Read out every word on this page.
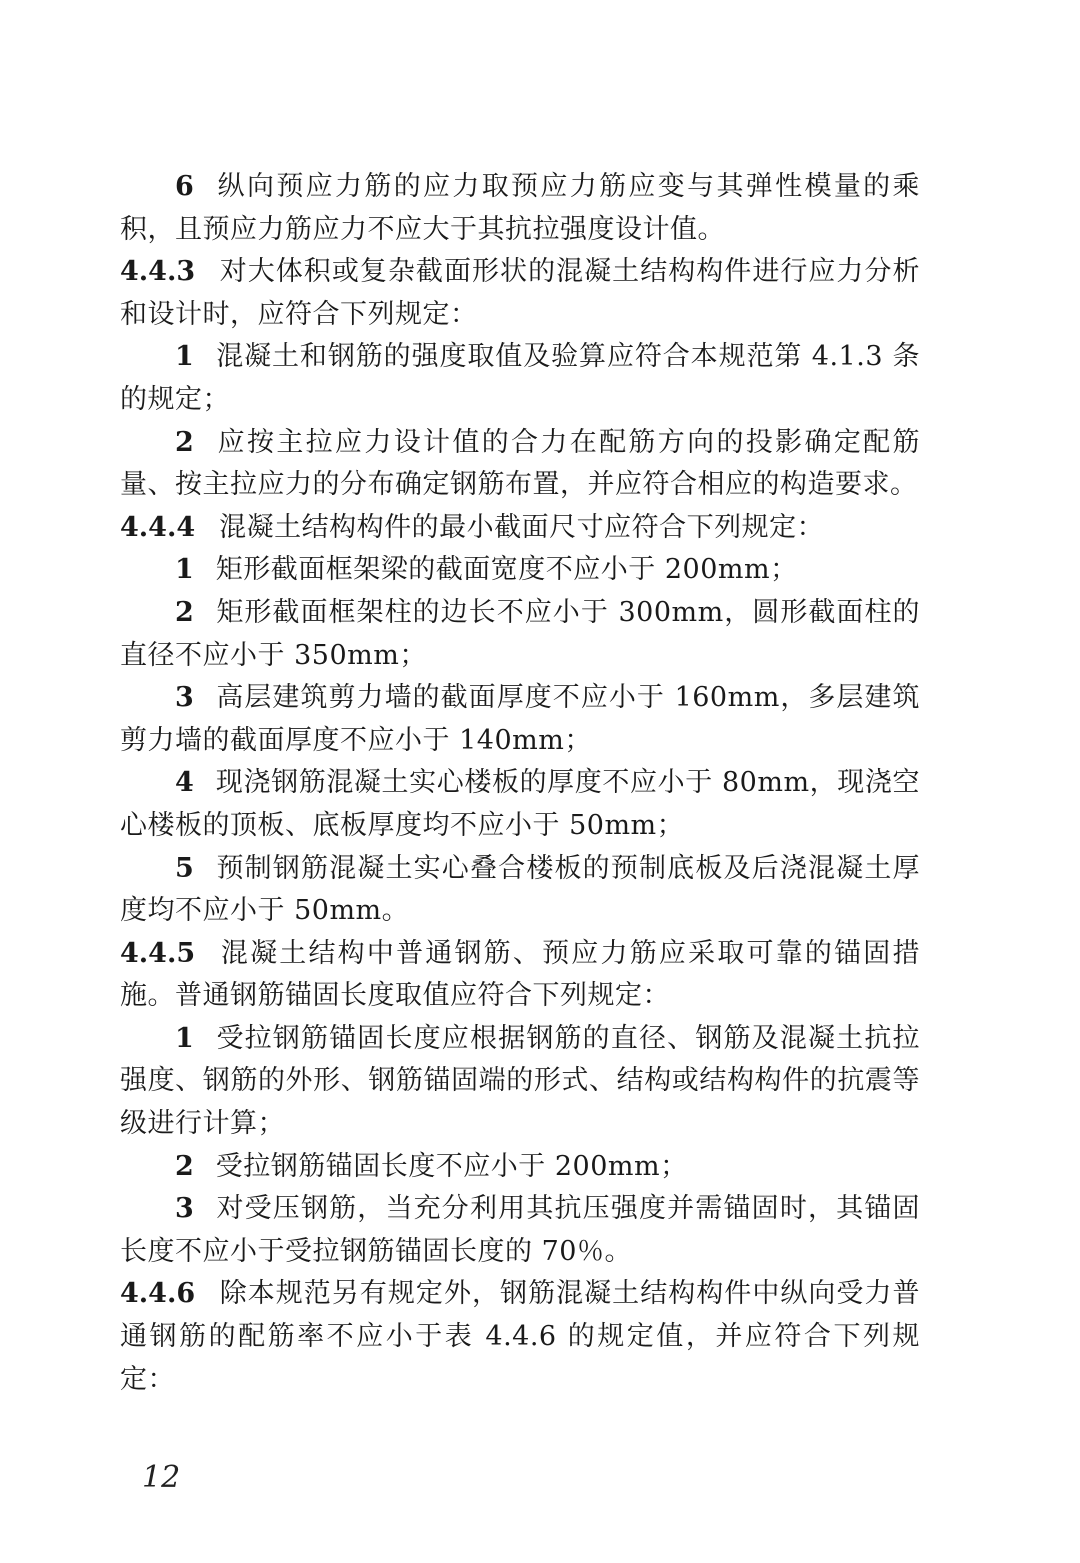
6 纵向预应力筋的应力取预应力筋应变与其弹性模量的乘积，且预应力筋应力不应大于其抗拉强度设计值。

4.4.3 对大体积或复杂截面形状的混凝土结构构件进行应力分析和设计时，应符合下列规定：

1 混凝土和钢筋的强度取值及验算应符合本规范第 4.1.3 条的规定；

2 应按主拉应力设计值的合力在配筋方向的投影确定配筋量、按主拉应力的分布确定钢筋布置，并应符合相应的构造要求。

4.4.4 混凝土结构构件的最小截面尺寸应符合下列规定：

1 矩形截面框架梁的截面宽度不应小于 200mm；

2 矩形截面框架柱的边长不应小于 300mm，圆形截面柱的直径不应小于 350mm；

3 高层建筑剪力墙的截面厚度不应小于 160mm，多层建筑剪力墙的截面厚度不应小于 140mm；

4 现浇钢筋混凝土实心楼板的厚度不应小于 80mm，现浇空心楼板的顶板、底板厚度均不应小于 50mm；

5 预制钢筋混凝土实心叠合楼板的预制底板及后浇混凝土厚度均不应小于 50mm。

4.4.5 混凝土结构中普通钢筋、预应力筋应采取可靠的锚固措施。普通钢筋锚固长度取值应符合下列规定：

1 受拉钢筋锚固长度应根据钢筋的直径、钢筋及混凝土抗拉强度、钢筋的外形、钢筋锚固端的形式、结构或结构构件的抗震等级进行计算；

2 受拉钢筋锚固长度不应小于 200mm；

3 对受压钢筋，当充分利用其抗压强度并需锚固时，其锚固长度不应小于受拉钢筋锚固长度的 70％。

4.4.6 除本规范另有规定外，钢筋混凝土结构构件中纵向受力普通钢筋的配筋率不应小于表 4.4.6 的规定值，并应符合下列规定：

12
